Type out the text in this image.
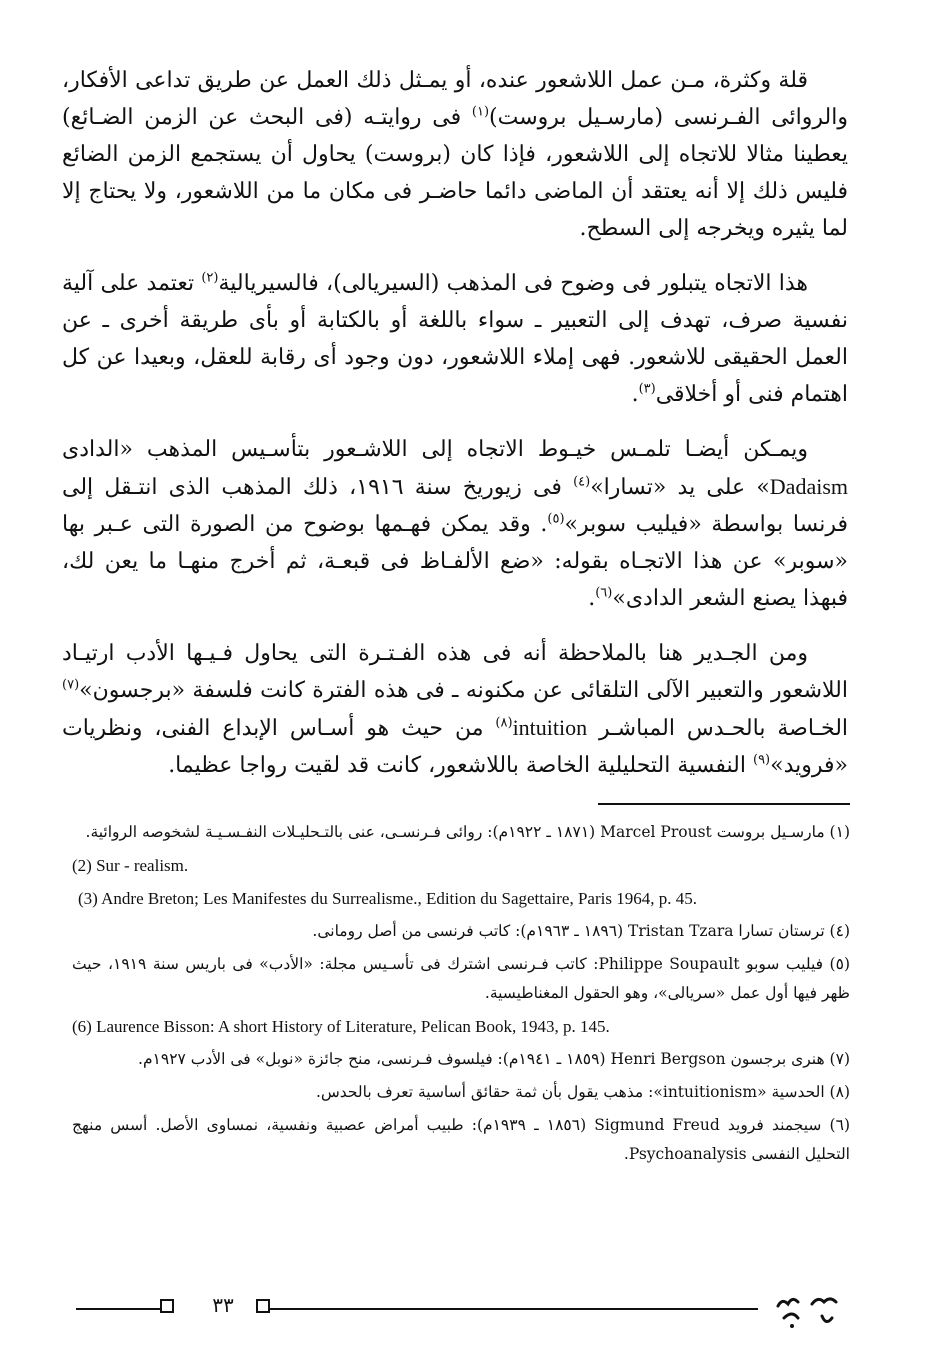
قلة وكثرة، مـن عمل اللاشعور عنده، أو يمـثل ذلك العمل عن طريق تداعى الأفكار، والروائى الفـرنسى (مارسـيل بروست)$^{(١)}$ فى روايتـه (فى البحث عن الزمن الضـائع) يعطينا مثالا للاتجاه إلى اللاشعور، فإذا كان (بروست) يحاول أن يستجمع الزمن الضائع فليس ذلك إلا أنه يعتقد أن الماضى دائما حاضـر فى مكان ما من اللاشعور، ولا يحتاج إلا لما يثيره ويخرجه إلى السطح.

هذا الاتجاه يتبلور فى وضوح فى المذهب (السيريالى)، فالسيريالية$^{(٢)}$ تعتمد على آلية نفسية صرف، تهدف إلى التعبير ـ سواء باللغة أو بالكتابة أو بأى طريقة أخرى ـ عن العمل الحقيقى للاشعور. فهى إملاء اللاشعور، دون وجود أى رقابة للعقل، وبعيدا عن كل اهتمام فنى أو أخلاقى$^{(٣)}$.

ويمـكن أيضـا تلمـس خيـوط الاتجاه إلى اللاشـعور بتأسـيس المذهب «الدادى Dadaism» على يد «تسارا»$^{(٤)}$ فى زيوريخ سنة ١٩١٦، ذلك المذهب الذى انتـقل إلى فرنسا بواسطة «فيليب سوبر»$^{(٥)}$. وقد يمكن فهـمها بوضوح من الصورة التى عـبر بها «سوبر» عن هذا الاتجـاه بقوله: «ضع الألفـاظ فى قبعـة، ثم أخرج منهـا ما يعن لك، فبهذا يصنع الشعر الدادى»$^{(٦)}$.

ومن الجـدير هنا بالملاحظة أنه فى هذه الفـتـرة التى يحاول فـيـها الأدب ارتيـاد اللاشعور والتعبير الآلى التلقائى عن مكنونه ـ فى هذه الفترة كانت فلسفة «برجسون»$^{(٧)}$ الخـاصة بالحـدس المباشـر intuition$^{(٨)}$ من حيث هو أسـاس الإبداع الفنى، ونظريات «فرويد»$^{(٩)}$ النفسية التحليلية الخاصة باللاشعور، كانت قد لقيت رواجا عظيما.

(١) مارسـيل بروست Marcel Proust (١٨٧١ ـ ١٩٢٢م): روائى فـرنسـى، عنى بالتـحليـلات النفـسـيـة لشخوصه الروائية.

(2) Sur - realism.

(3) Andre Breton; Les Manifestes du Surrealisme., Edition du Sagettaire, Paris 1964, p. 45.

(٤) ترستان تسارا Tristan Tzara (١٨٩٦ ـ ١٩٦٣م): كاتب فرنسى من أصل رومانى.

(٥) فيليب سوبو Philippe Soupault: كاتب فـرنسى اشترك فى تأسـيس مجلة: «الأدب» فى باريس سنة ١٩١٩، حيث ظهر فيها أول عمل «سريالى»، وهو الحقول المغناطيسية.

(6) Laurence Bisson: A short History of Literature, Pelican Book, 1943, p. 145.

(٧) هنرى برجسون Henri Bergson (١٨٥٩ ـ ١٩٤١م): فيلسوف فـرنسى، منح جائزة «نوبل» فى الأدب ١٩٢٧م.

(٨) الحدسية «intuitionism»: مذهب يقول بأن ثمة حقائق أساسية تعرف بالحدس.

(٦) سيجمند فرويد Sigmund Freud (١٨٥٦ ـ ١٩٣٩م): طبيب أمراض عصبية ونفسية، نمساوى الأصل. أسس منهج التحليل النفسى Psychoanalysis.

٣٣
